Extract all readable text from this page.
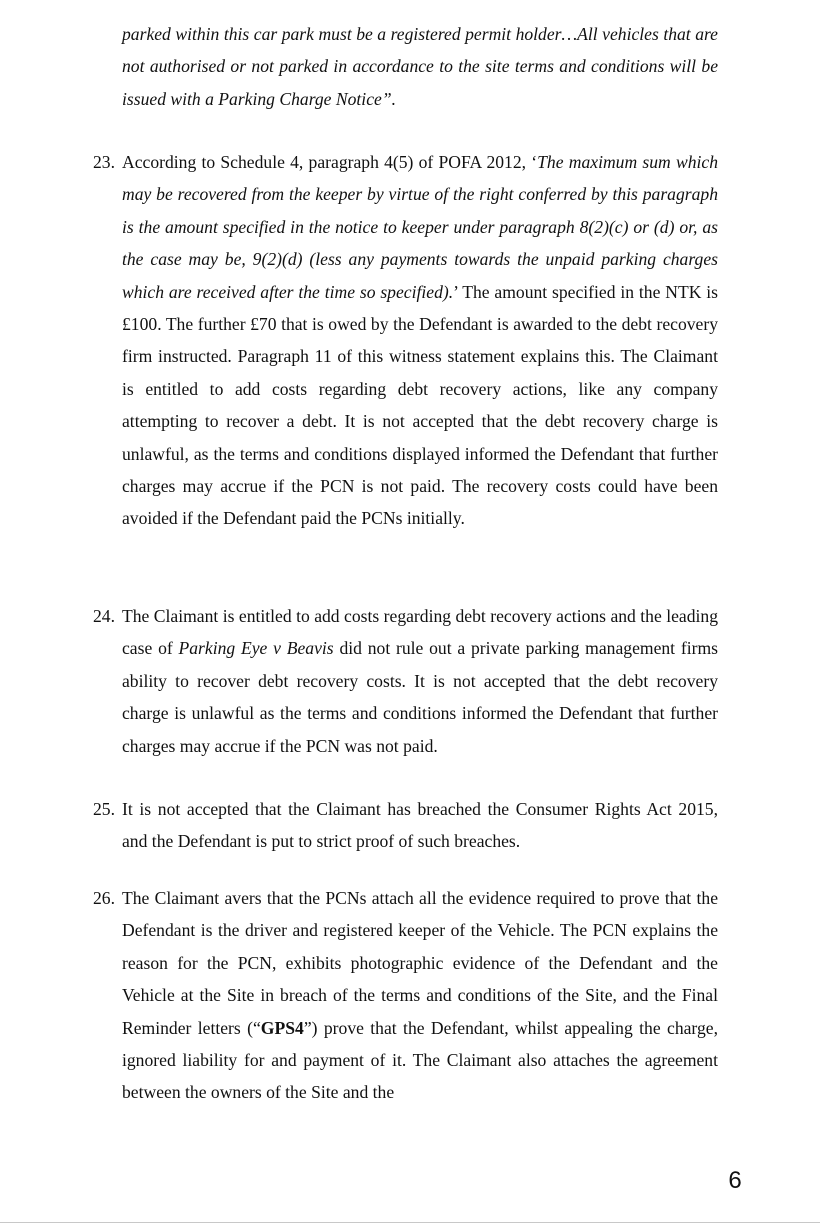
parked within this car park must be a registered permit holder…All vehicles that are not authorised or not parked in accordance to the site terms and conditions will be issued with a Parking Charge Notice”.
23. According to Schedule 4, paragraph 4(5) of POFA 2012, ‘The maximum sum which may be recovered from the keeper by virtue of the right conferred by this paragraph is the amount specified in the notice to keeper under paragraph 8(2)(c) or (d) or, as the case may be, 9(2)(d) (less any payments towards the unpaid parking charges which are received after the time so specified).’ The amount specified in the NTK is £100. The further £70 that is owed by the Defendant is awarded to the debt recovery firm instructed. Paragraph 11 of this witness statement explains this. The Claimant is entitled to add costs regarding debt recovery actions, like any company attempting to recover a debt. It is not accepted that the debt recovery charge is unlawful, as the terms and conditions displayed informed the Defendant that further charges may accrue if the PCN is not paid. The recovery costs could have been avoided if the Defendant paid the PCNs initially.
24. The Claimant is entitled to add costs regarding debt recovery actions and the leading case of Parking Eye v Beavis did not rule out a private parking management firms ability to recover debt recovery costs. It is not accepted that the debt recovery charge is unlawful as the terms and conditions informed the Defendant that further charges may accrue if the PCN was not paid.
25. It is not accepted that the Claimant has breached the Consumer Rights Act 2015, and the Defendant is put to strict proof of such breaches.
26. The Claimant avers that the PCNs attach all the evidence required to prove that the Defendant is the driver and registered keeper of the Vehicle. The PCN explains the reason for the PCN, exhibits photographic evidence of the Defendant and the Vehicle at the Site in breach of the terms and conditions of the Site, and the Final Reminder letters (“GPS4”) prove that the Defendant, whilst appealing the charge, ignored liability for and payment of it. The Claimant also attaches the agreement between the owners of the Site and the
6
